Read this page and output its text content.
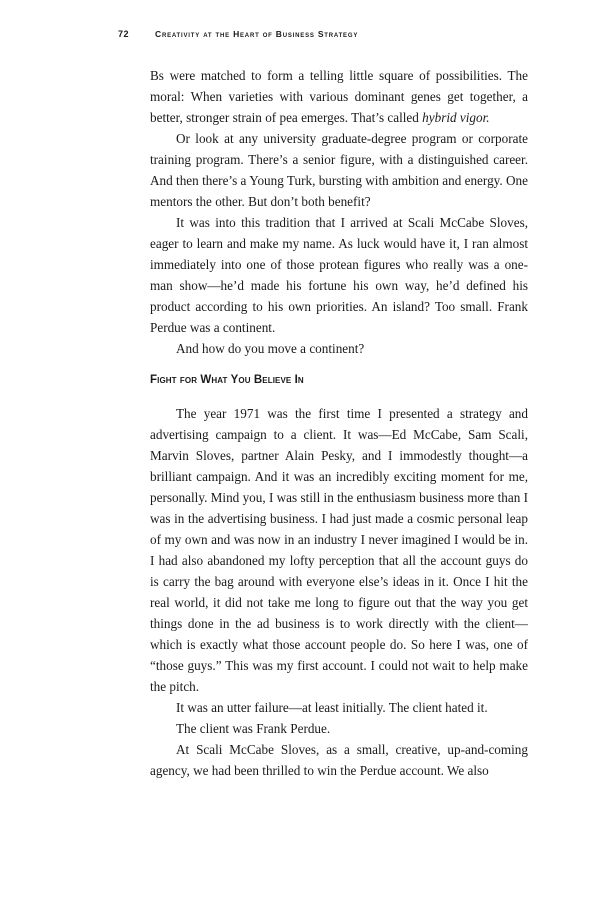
72	Creativity at the Heart of Business Strategy

Bs were matched to form a telling little square of possibilities. The moral: When varieties with various dominant genes get together, a better, stronger strain of pea emerges. That’s called hybrid vigor.

Or look at any university graduate-degree program or corporate training program. There’s a senior figure, with a distinguished career. And then there’s a Young Turk, bursting with ambition and energy. One mentors the other. But don’t both benefit?

It was into this tradition that I arrived at Scali McCabe Sloves, eager to learn and make my name. As luck would have it, I ran almost immediately into one of those protean figures who really was a one-man show—he’d made his fortune his own way, he’d defined his product according to his own priorities. An island? Too small. Frank Perdue was a continent.

And how do you move a continent?

Fight for What You Believe In

The year 1971 was the first time I presented a strategy and advertising campaign to a client. It was—Ed McCabe, Sam Scali, Marvin Sloves, partner Alain Pesky, and I immodestly thought—a brilliant campaign. And it was an incredibly exciting moment for me, personally. Mind you, I was still in the enthusiasm business more than I was in the advertising business. I had just made a cosmic personal leap of my own and was now in an industry I never imagined I would be in. I had also abandoned my lofty perception that all the account guys do is carry the bag around with everyone else’s ideas in it. Once I hit the real world, it did not take me long to figure out that the way you get things done in the ad business is to work directly with the client—which is exactly what those account people do. So here I was, one of “those guys.” This was my first account. I could not wait to help make the pitch.

It was an utter failure—at least initially. The client hated it.

The client was Frank Perdue.

At Scali McCabe Sloves, as a small, creative, up-and-coming agency, we had been thrilled to win the Perdue account. We also
